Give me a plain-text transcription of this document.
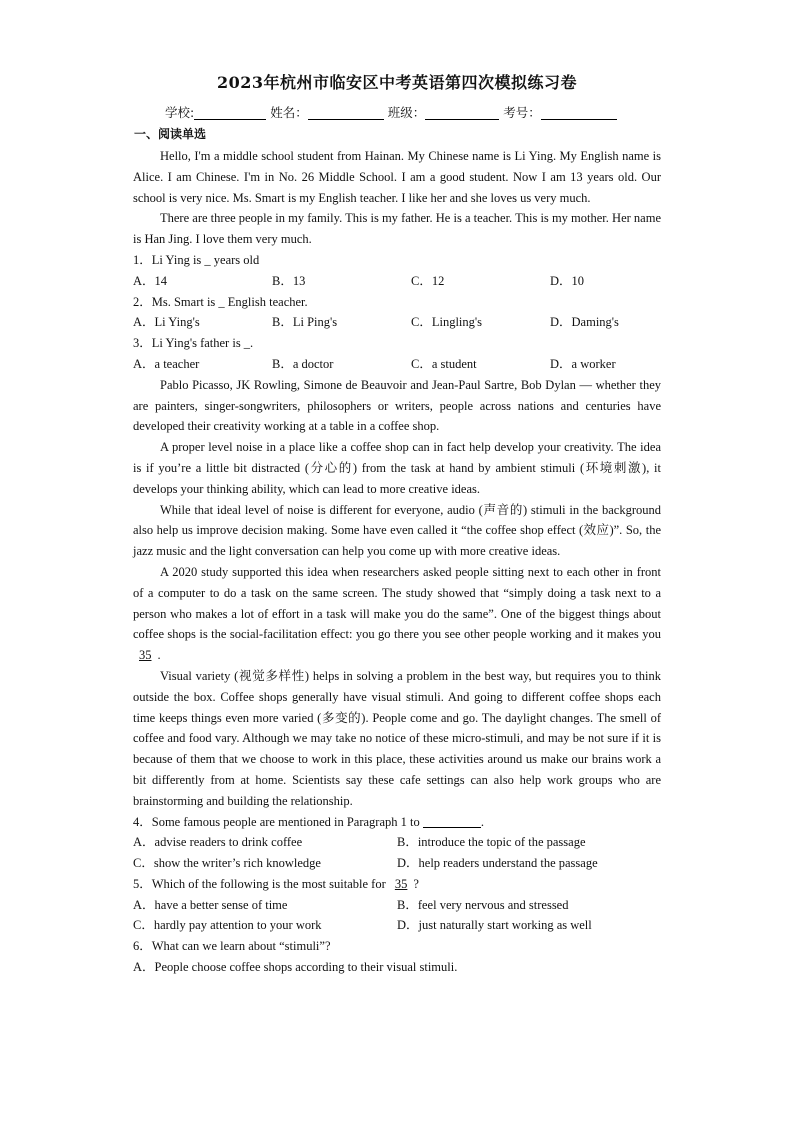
2023年杭州市临安区中考英语第四次模拟练习卷
学校:	姓名：	班级：	考号：
一、阅读单选

Hello, I'm a middle school student from Hainan. My Chinese name is Li Ying. My English name is Alice. I am Chinese. I'm in No. 26 Middle School. I am a good student. Now I am 13 years old. Our school is very nice. Ms. Smart is my English teacher. I like her and she loves us very much.

There are three people in my family. This is my father. He is a teacher. This is my mother. Her name is Han Jing. I love them very much.

1．Li Ying is _ years old
A．14	B．13	C．12	D．10
2．Ms. Smart is _ English teacher.
A．Li Ying's	B．Li Ping's	C．Lingling's	D．Daming's
3．Li Ying's father is _.
A．a teacher	B．a doctor	C．a student	D．a worker

Pablo Picasso, JK Rowling, Simone de Beauvoir and Jean-Paul Sartre, Bob Dylan — whether they are painters, singer-songwriters, philosophers or writers, people across nations and centuries have developed their creativity working at a table in a coffee shop.

A proper level noise in a place like a coffee shop can in fact help develop your creativity. The idea is if you’re a little bit distracted (分心的) from the task at hand by ambient stimuli (环境刺激), it develops your thinking ability, which can lead to more creative ideas.

While that ideal level of noise is different for everyone, audio (声音的) stimuli in the background also help us improve decision making. Some have even called it “the coffee shop effect (效应)”. So, the jazz music and the light conversation can help you come up with more creative ideas.

A 2020 study supported this idea when researchers asked people sitting next to each other in front of a computer to do a task on the same screen. The study showed that “simply doing a task next to a person who makes a lot of effort in a task will make you do the same”. One of the biggest things about coffee shops is the social-facilitation effect: you go there you see other people working and it makes you 35 .

Visual variety (视觉多样性) helps in solving a problem in the best way, but requires you to think outside the box. Coffee shops generally have visual stimuli. And going to different coffee shops each time keeps things even more varied (多变的). People come and go. The daylight changes. The smell of coffee and food vary. Although we may take no notice of these micro-stimuli, and may be not sure if it is because of them that we choose to work in this place, these activities around us make our brains work a bit differently from at home. Scientists say these cafe settings can also help work groups who are brainstorming and building the relationship.

4．Some famous people are mentioned in Paragraph 1 to	.
A．advise readers to drink coffee	B．introduce the topic of the passage
C．show the writer’s rich knowledge	D．help readers understand the passage
5．Which of the following is the most suitable for 35 ?
A．have a better sense of time	B．feel very nervous and stressed
C．hardly pay attention to your work	D．just naturally start working as well
6．What can we learn about “stimuli”?
A．People choose coffee shops according to their visual stimuli.
